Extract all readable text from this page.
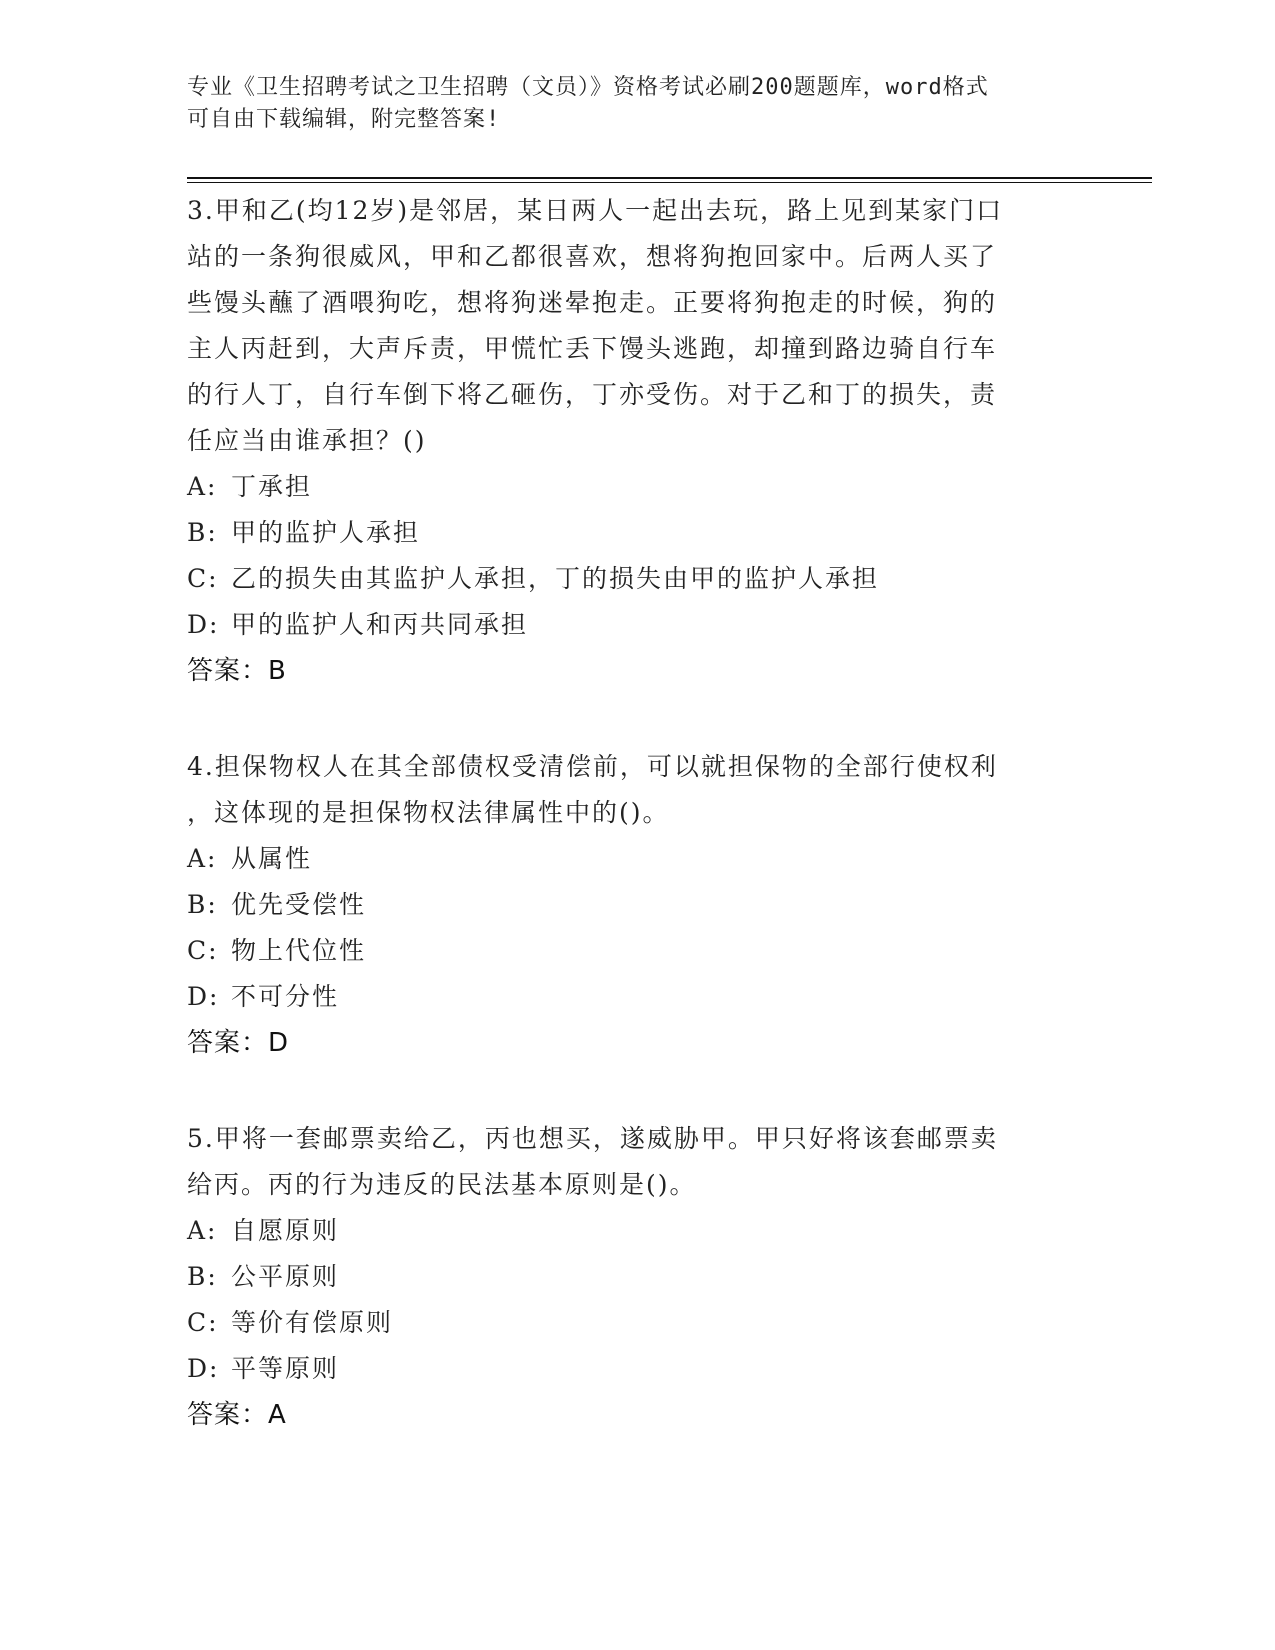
专业《卫生招聘考试之卫生招聘（文员）》资格考试必刷200题题库，word格式
可自由下载编辑，附完整答案!
3.甲和乙(均12岁)是邻居，某日两人一起出去玩，路上见到某家门口
站的一条狗很威风，甲和乙都很喜欢，想将狗抱回家中。后两人买了
些馒头蘸了酒喂狗吃，想将狗迷晕抱走。正要将狗抱走的时候，狗的
主人丙赶到，大声斥责，甲慌忙丢下馒头逃跑，却撞到路边骑自行车
的行人丁，自行车倒下将乙砸伤，丁亦受伤。对于乙和丁的损失，责
任应当由谁承担？()
A: 丁承担
B: 甲的监护人承担
C: 乙的损失由其监护人承担，丁的损失由甲的监护人承担
D: 甲的监护人和丙共同承担
答案：B
4.担保物权人在其全部债权受清偿前，可以就担保物的全部行使权利
，这体现的是担保物权法律属性中的()。
A: 从属性
B: 优先受偿性
C: 物上代位性
D: 不可分性
答案：D
5.甲将一套邮票卖给乙，丙也想买，遂威胁甲。甲只好将该套邮票卖
给丙。丙的行为违反的民法基本原则是()。
A: 自愿原则
B: 公平原则
C: 等价有偿原则
D: 平等原则
答案：A
